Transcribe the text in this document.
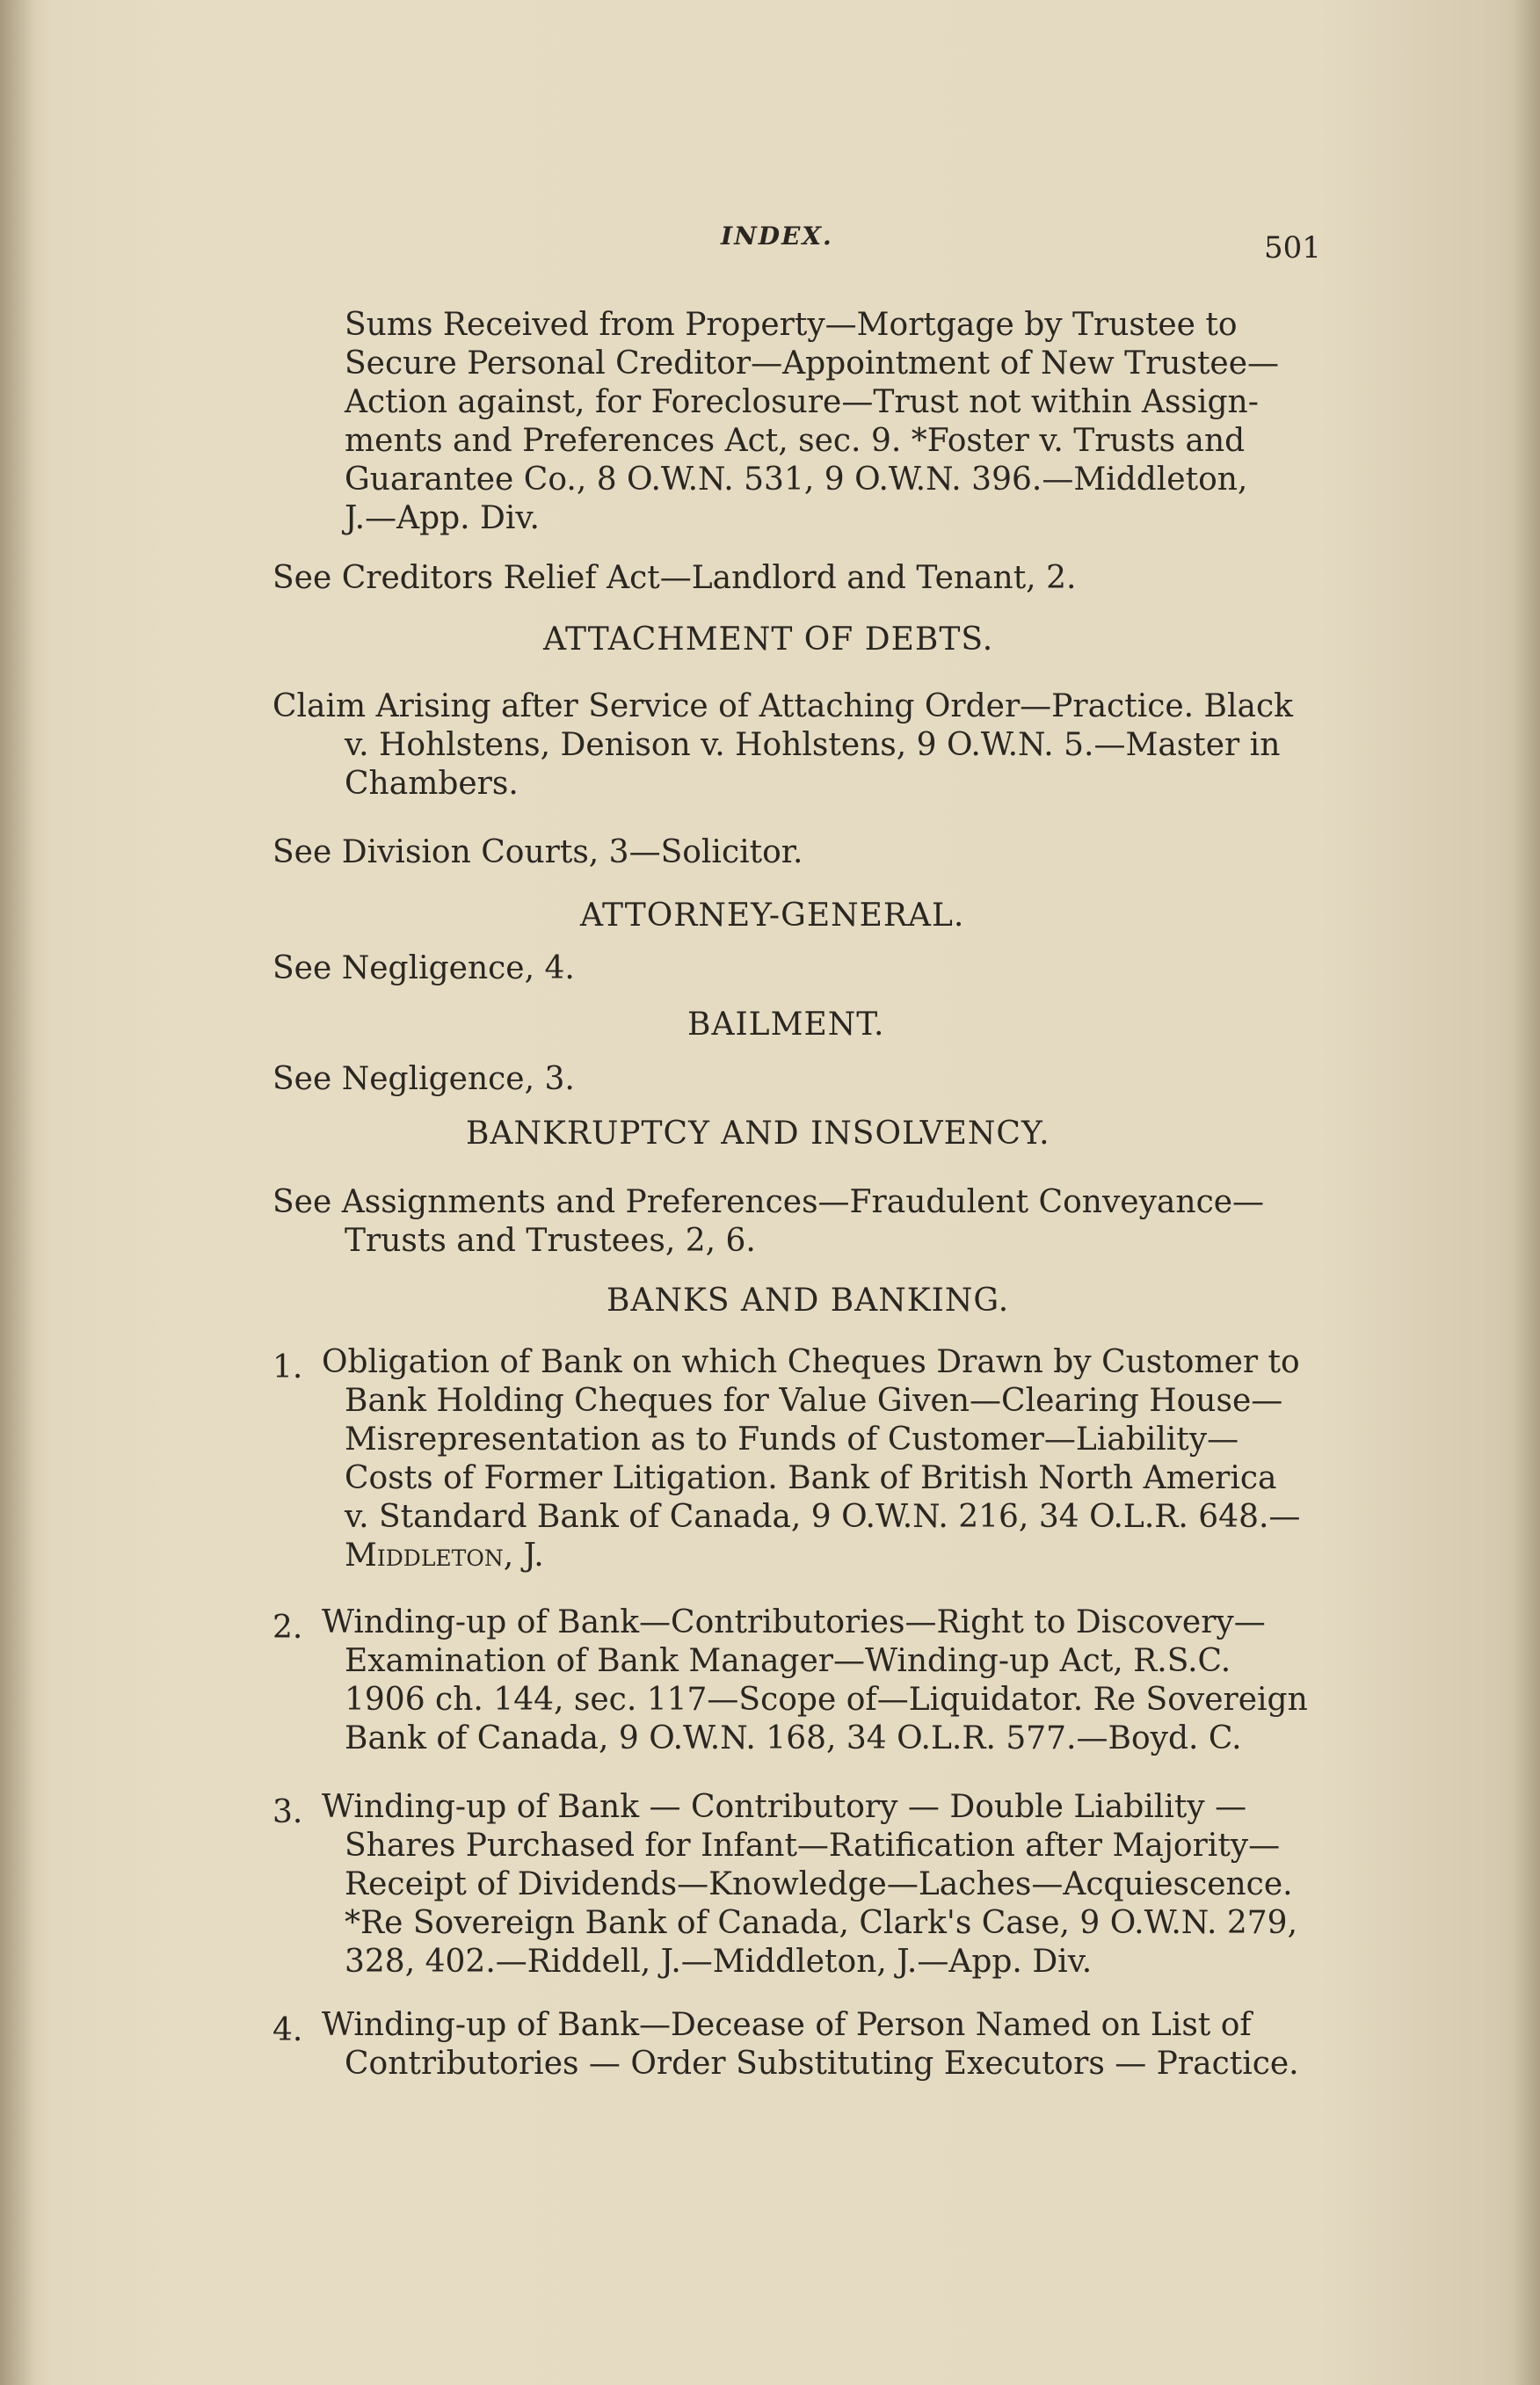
INDEX.	501
Sums Received from Property—Mortgage by Trustee to
Secure Personal Creditor—Appointment of New Trustee—
Action against, for Foreclosure—Trust not within Assign-
ments and Preferences Act, sec. 9. *Foster v. Trusts and
Guarantee Co., 8 O.W.N. 531, 9 O.W.N. 396.—Middleton,
J.—App. Div.
See Creditors Relief Act—Landlord and Tenant, 2.
ATTACHMENT OF DEBTS.
Claim Arising after Service of Attaching Order—Practice. Black
v. Hohlstens, Denison v. Hohlstens, 9 O.W.N. 5.—Master in
Chambers.
See Division Courts, 3—Solicitor.
ATTORNEY-GENERAL.
See Negligence, 4.
BAILMENT.
See Negligence, 3.
BANKRUPTCY AND INSOLVENCY.
See Assignments and Preferences—Fraudulent Conveyance—
Trusts and Trustees, 2, 6.
BANKS AND BANKING.
1. Obligation of Bank on which Cheques Drawn by Customer to
Bank Holding Cheques for Value Given—Clearing House—
Misrepresentation as to Funds of Customer—Liability—
Costs of Former Litigation. Bank of British North America
v. Standard Bank of Canada, 9 O.W.N. 216, 34 O.L.R. 648.—
Middleton, J.
2. Winding-up of Bank—Contributories—Right to Discovery—
Examination of Bank Manager—Winding-up Act, R.S.C.
1906 ch. 144, sec. 117—Scope of—Liquidator. Re Sovereign
Bank of Canada, 9 O.W.N. 168, 34 O.L.R. 577.—Boyd. C.
3. Winding-up of Bank — Contributory — Double Liability —
Shares Purchased for Infant—Ratification after Majority—
Receipt of Dividends—Knowledge—Laches—Acquiescence.
*Re Sovereign Bank of Canada, Clark's Case, 9 O.W.N. 279,
328, 402.—Riddell, J.—Middleton, J.—App. Div.
4. Winding-up of Bank—Decease of Person Named on List of
Contributories — Order Substituting Executors — Practice.
